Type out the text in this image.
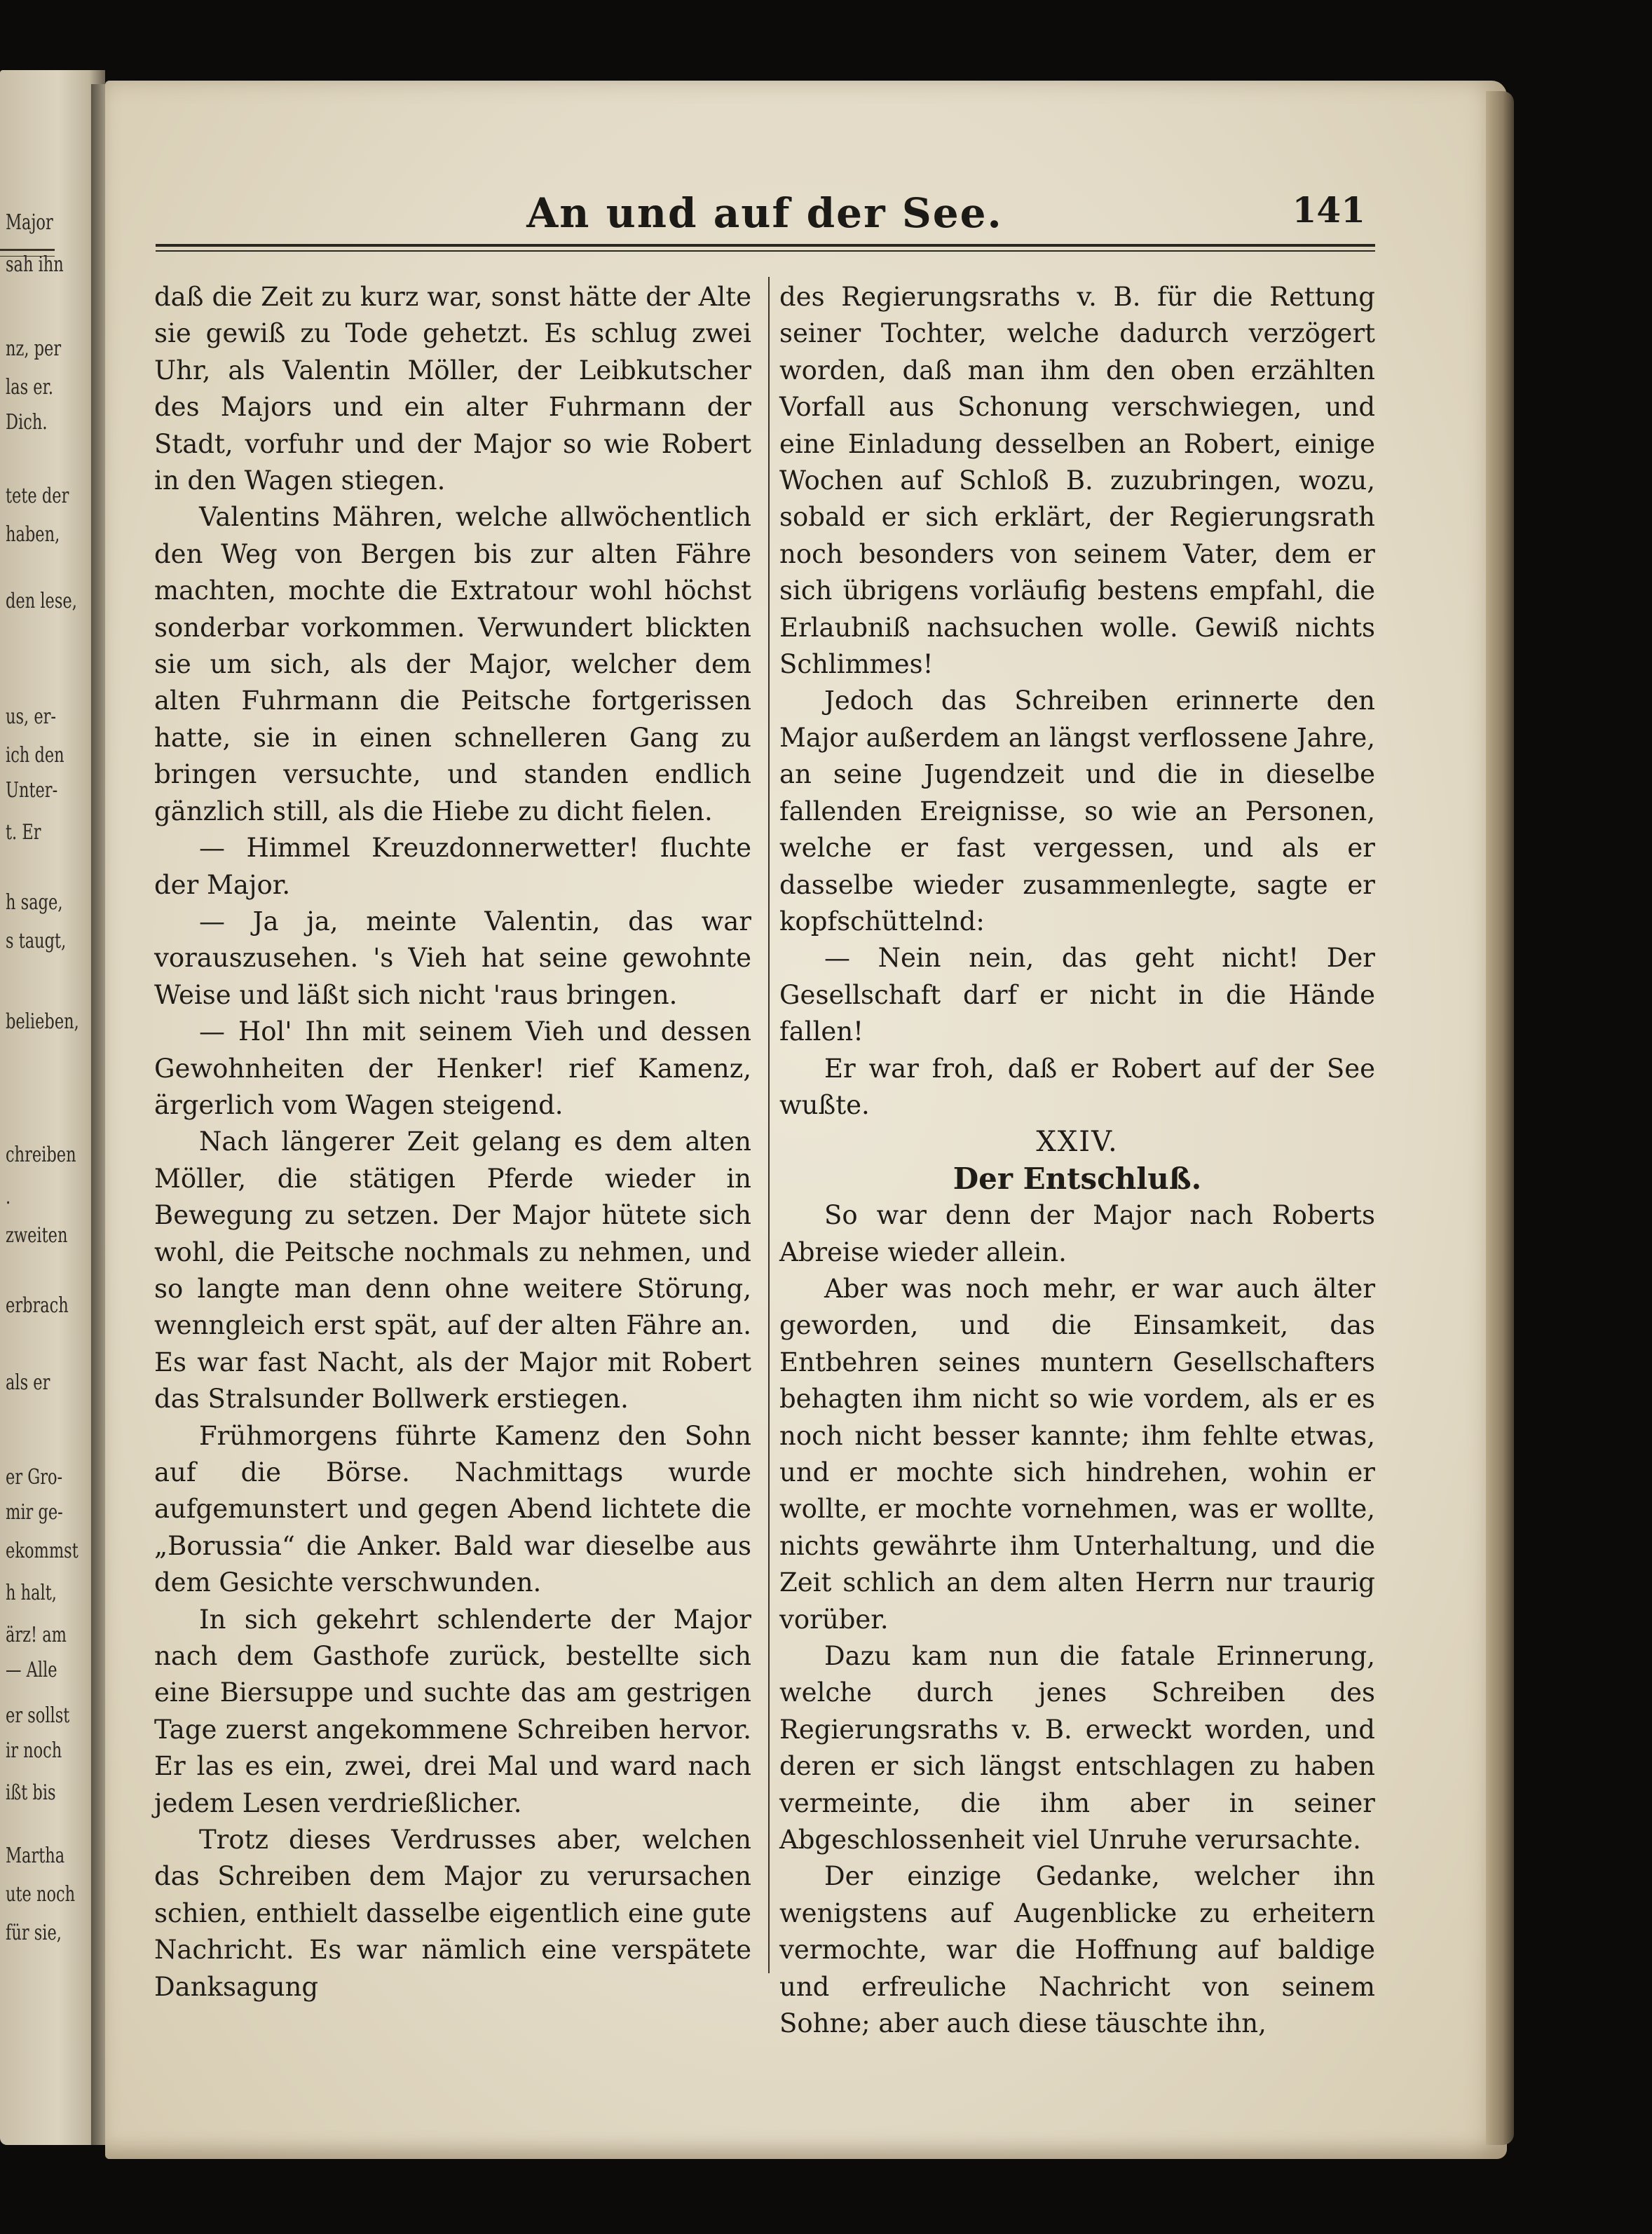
Major
sah ihn
nz, per
las er.
Dich.
tete der
haben,
den lese,
us, er-
ich den
Unter-
t. Er
h sage,
s taugt,
belieben,
chreiben
.
zweiten
erbrach
als er
er Gro-
mir ge-
ekommst
h halt,
ärz! am
— Alle
er sollst
ir noch
ißt bis
Martha
ute noch
für sie,
An und auf der See.	141

daß die Zeit zu kurz war, sonst hätte der Alte sie gewiß zu Tode gehetzt. Es schlug zwei Uhr, als Valentin Möller, der Leibkutscher des Majors und ein alter Fuhrmann der Stadt, vorfuhr und der Major so wie Robert in den Wagen stiegen.

Valentins Mähren, welche allwöchentlich den Weg von Bergen bis zur alten Fähre machten, mochte die Extratour wohl höchst sonderbar vorkommen. Verwundert blickten sie um sich, als der Major, welcher dem alten Fuhrmann die Peitsche fortgerissen hatte, sie in einen schnelleren Gang zu bringen versuchte, und standen endlich gänzlich still, als die Hiebe zu dicht fielen.

— Himmel Kreuzdonnerwetter! fluchte der Major.

— Ja ja, meinte Valentin, das war vorauszusehen. 's Vieh hat seine gewohnte Weise und läßt sich nicht 'raus bringen.

— Hol' Ihn mit seinem Vieh und dessen Gewohnheiten der Henker! rief Kamenz, ärgerlich vom Wagen steigend.

Nach längerer Zeit gelang es dem alten Möller, die stätigen Pferde wieder in Bewegung zu setzen. Der Major hütete sich wohl, die Peitsche nochmals zu nehmen, und so langte man denn ohne weitere Störung, wenngleich erst spät, auf der alten Fähre an. Es war fast Nacht, als der Major mit Robert das Stralsunder Bollwerk erstiegen.

Frühmorgens führte Kamenz den Sohn auf die Börse. Nachmittags wurde aufgemunstert und gegen Abend lichtete die „Borussia“ die Anker. Bald war dieselbe aus dem Gesichte verschwunden.

In sich gekehrt schlenderte der Major nach dem Gasthofe zurück, bestellte sich eine Biersuppe und suchte das am gestrigen Tage zuerst angekommene Schreiben hervor. Er las es ein, zwei, drei Mal und ward nach jedem Lesen verdrießlicher.

Trotz dieses Verdrusses aber, welchen das Schreiben dem Major zu verursachen schien, enthielt dasselbe eigentlich eine gute Nachricht. Es war nämlich eine verspätete Danksagung

des Regierungsraths v. B. für die Rettung seiner Tochter, welche dadurch verzögert worden, daß man ihm den oben erzählten Vorfall aus Schonung verschwiegen, und eine Einladung desselben an Robert, einige Wochen auf Schloß B. zuzubringen, wozu, sobald er sich erklärt, der Regierungsrath noch besonders von seinem Vater, dem er sich übrigens vorläufig bestens empfahl, die Erlaubniß nachsuchen wolle. Gewiß nichts Schlimmes!

Jedoch das Schreiben erinnerte den Major außerdem an längst verflossene Jahre, an seine Jugendzeit und die in dieselbe fallenden Ereignisse, so wie an Personen, welche er fast vergessen, und als er dasselbe wieder zusammenlegte, sagte er kopfschüttelnd:

— Nein nein, das geht nicht! Der Gesellschaft darf er nicht in die Hände fallen!

Er war froh, daß er Robert auf der See wußte.

XXIV.

Der Entschluß.

So war denn der Major nach Roberts Abreise wieder allein.

Aber was noch mehr, er war auch älter geworden, und die Einsamkeit, das Entbehren seines muntern Gesellschafters behagten ihm nicht so wie vordem, als er es noch nicht besser kannte; ihm fehlte etwas, und er mochte sich hindrehen, wohin er wollte, er mochte vornehmen, was er wollte, nichts gewährte ihm Unterhaltung, und die Zeit schlich an dem alten Herrn nur traurig vorüber.

Dazu kam nun die fatale Erinnerung, welche durch jenes Schreiben des Regierungsraths v. B. erweckt worden, und deren er sich längst entschlagen zu haben vermeinte, die ihm aber in seiner Abgeschlossenheit viel Unruhe verursachte.

Der einzige Gedanke, welcher ihn wenigstens auf Augenblicke zu erheitern vermochte, war die Hoffnung auf baldige und erfreuliche Nachricht von seinem Sohne; aber auch diese täuschte ihn,
